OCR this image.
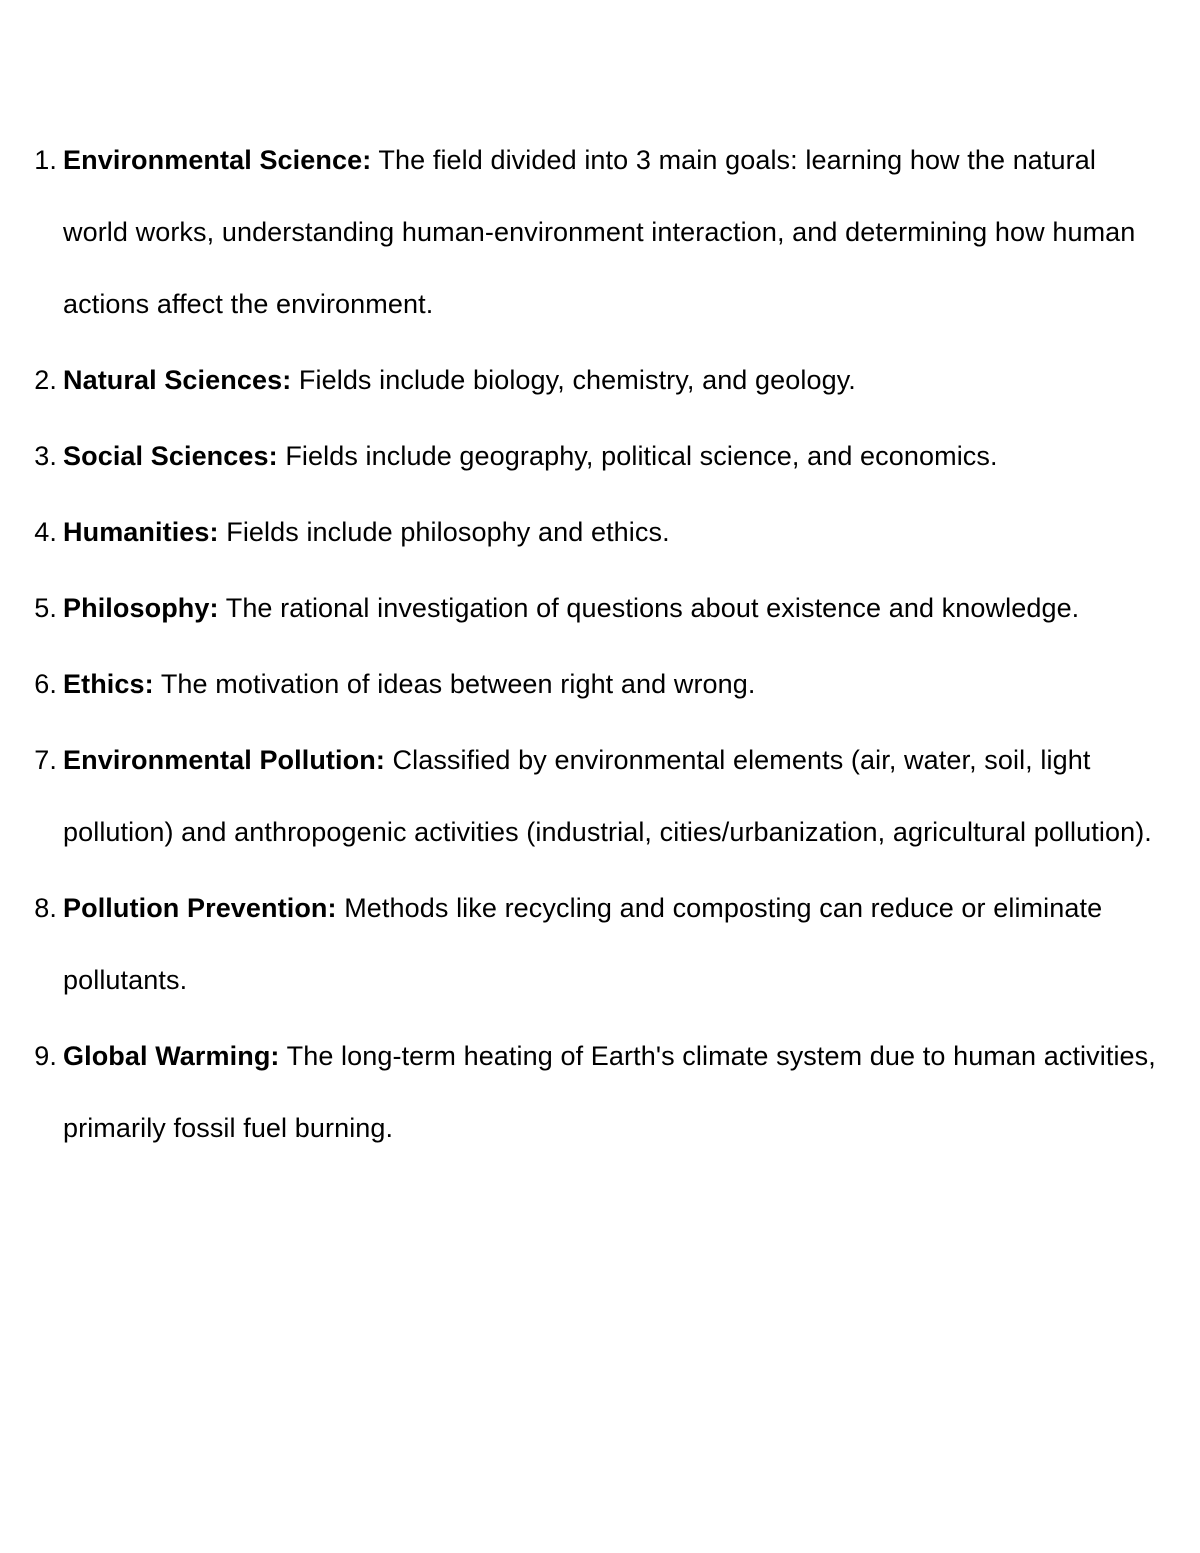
1. Environmental Science: The field divided into 3 main goals: learning how the natural world works, understanding human-environment interaction, and determining how human actions affect the environment.
2. Natural Sciences: Fields include biology, chemistry, and geology.
3. Social Sciences: Fields include geography, political science, and economics.
4. Humanities: Fields include philosophy and ethics.
5. Philosophy: The rational investigation of questions about existence and knowledge.
6. Ethics: The motivation of ideas between right and wrong.
7. Environmental Pollution: Classified by environmental elements (air, water, soil, light pollution) and anthropogenic activities (industrial, cities/urbanization, agricultural pollution).
8. Pollution Prevention: Methods like recycling and composting can reduce or eliminate pollutants.
9. Global Warming: The long-term heating of Earth's climate system due to human activities, primarily fossil fuel burning.
